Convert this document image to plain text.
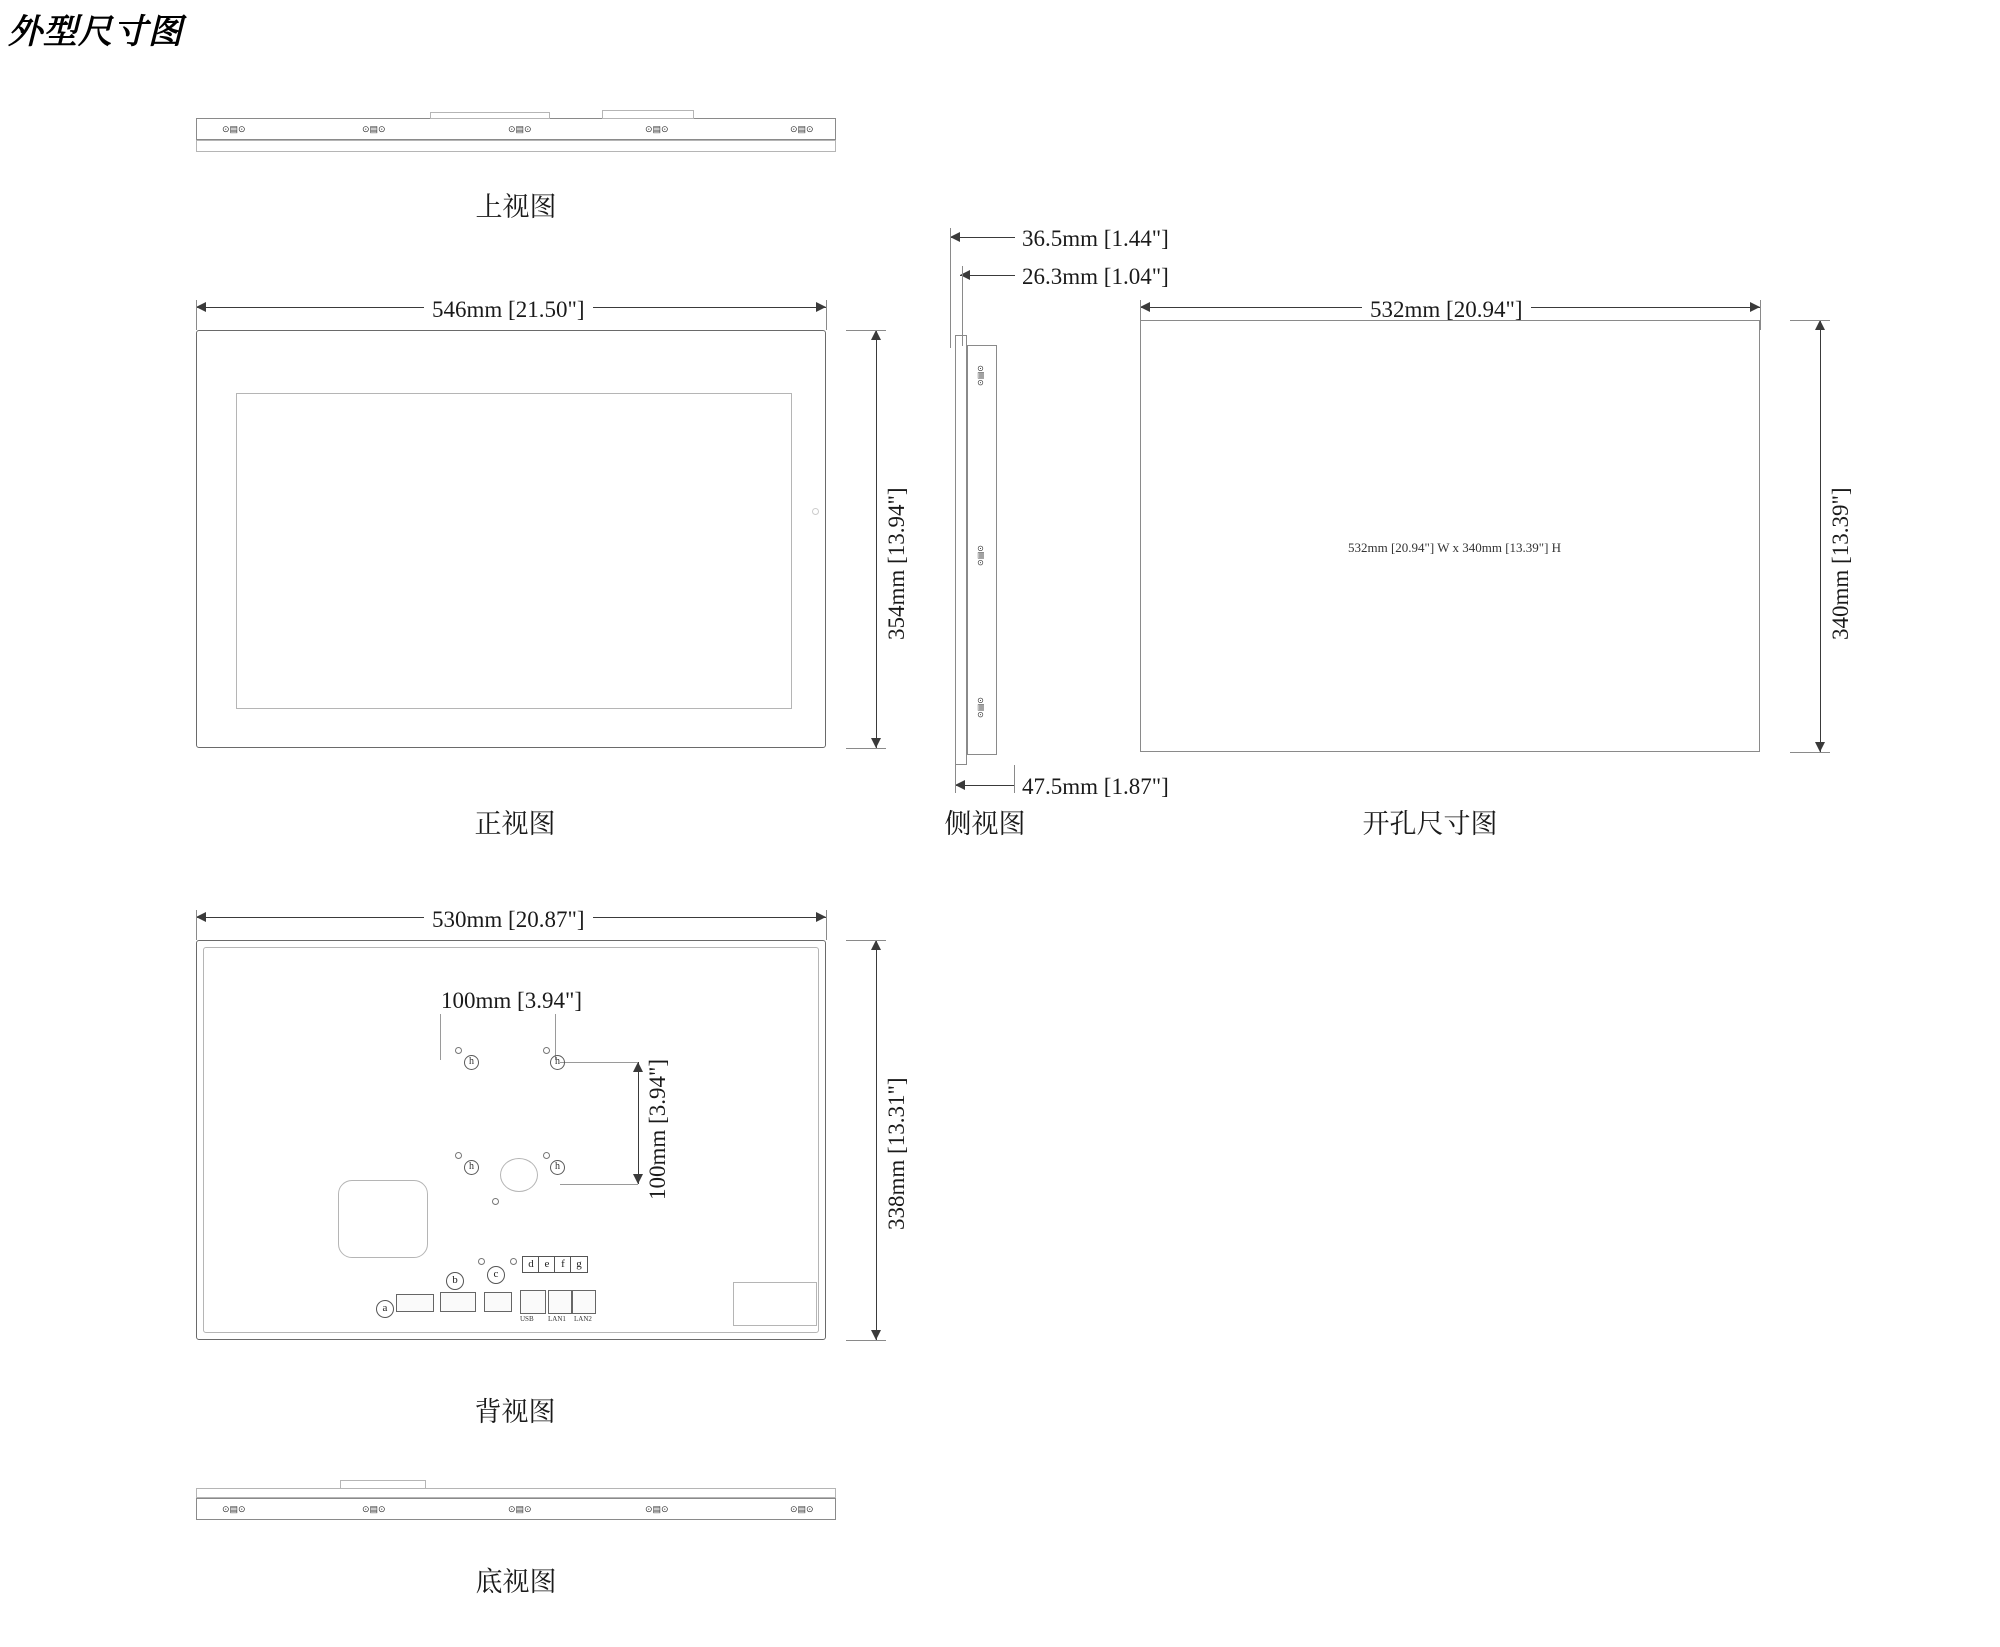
外型尺寸图
⊙▤⊙	⊙▤⊙	⊙▤⊙	⊙▤⊙	⊙▤⊙
上视图
546mm [21.50"]
354mm [13.94"]
正视图
36.5mm [1.44"]
26.3mm [1.04"]
⊙▤⊙
⊙▤⊙
⊙▤⊙
47.5mm [1.87"]
侧视图
532mm [20.94"]
532mm [20.94"] W x 340mm [13.39"] H	340mm [13.39"]
开孔尺寸图
530mm [20.87"]
100mm [3.94"]
100mm [3.94"]
h	h
h	h
a
b	c
d e	f	g
USB LAN1 LAN2
338mm [13.31"]
背视图
⊙▤⊙	⊙▤⊙	⊙▤⊙	⊙▤⊙	⊙▤⊙
底视图
